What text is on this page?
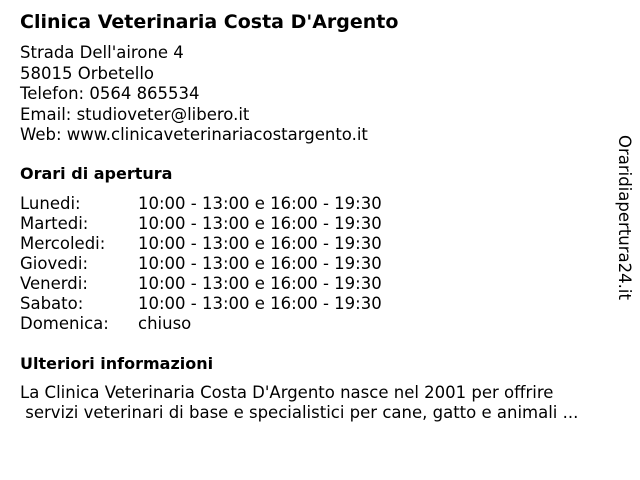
Clinica Veterinaria Costa D'Argento
Strada Dell'airone 4
58015 Orbetello
Telefon: 0564 865534
Email: studioveter@libero.it
Web: www.clinicaveterinariacostargento.it
Orari di apertura
Lunedi:	10:00 - 13:00 e 16:00 - 19:30
Martedi:	10:00 - 13:00 e 16:00 - 19:30
Mercoledi:	10:00 - 13:00 e 16:00 - 19:30
Giovedi:	10:00 - 13:00 e 16:00 - 19:30
Venerdi:	10:00 - 13:00 e 16:00 - 19:30
Sabato:	10:00 - 13:00 e 16:00 - 19:30
Domenica:	chiuso
Ulteriori informazioni
La Clinica Veterinaria Costa D'Argento nasce nel 2001 per offrire
servizi veterinari di base e specialistici per cane, gatto e animali ...
Oraridiapertura24.it
